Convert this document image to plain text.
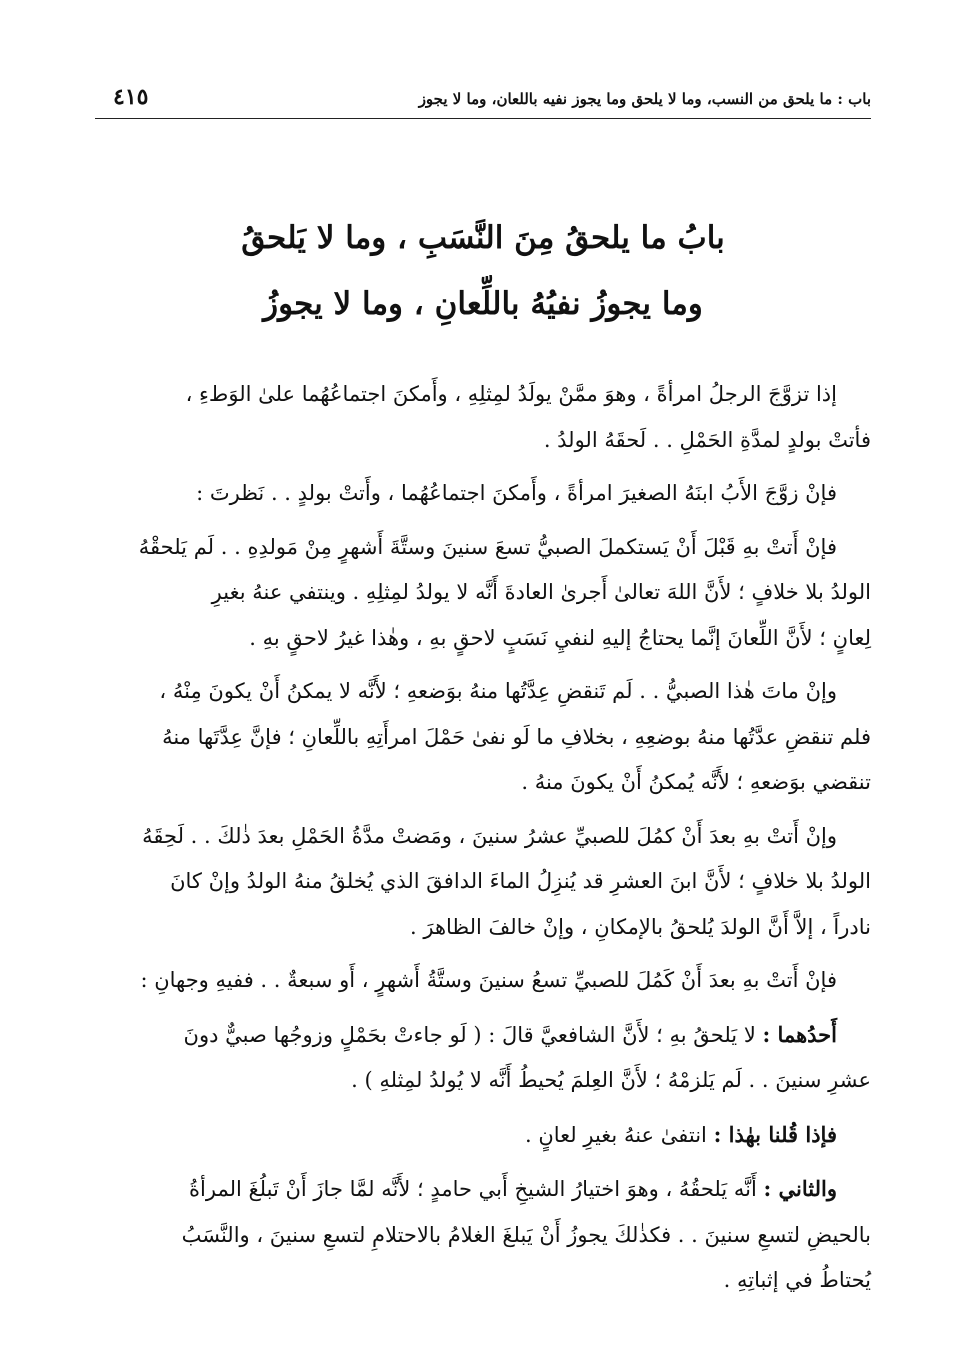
باب : ما يلحق من النسب، وما لا يلحق وما يجوز نفيه باللعان، وما لا يجوز
٤١٥
بابُ ما يلحقُ مِنَ النَّسَبِ ، وما لا يَلحقُ
وما يجوزُ نفيُهُ باللِّعانِ ، وما لا يجوزُ
إذا تزوَّجَ الرجلُ امرأةً ، وهوَ ممَّنْ يولَدُ لمِثلِهِ ، وأَمكنَ اجتماعُهُما علىٰ الوَطءِ ،
فأتتْ بولدٍ لمدَّةِ الحَمْلِ . . لَحقَهُ الولدُ .
فإنْ زوَّجَ الأَبُ ابنَهُ الصغيرَ امرأةً ، وأَمكنَ اجتماعُهُما ، وأَتتْ بولدٍ . . نَظرتَ :
فإنْ أَتتْ بهِ قَبْلَ أَنْ يَستكملَ الصبيُّ تسعَ سنينَ وستَّةَ أَشهرٍ مِنْ مَولدِهِ . . لَم يَلحقْهُ
الولدُ بلا خلافٍ ؛ لأَنَّ اللهَ تعالىٰ أَجرىٰ العادةَ أَنَّه لا يولدُ لمِثلِهِ . وينتفي عنهُ بغيرِ
لِعانٍ ؛ لأَنَّ اللِّعانَ إنَّما يحتاجُ إليهِ لنفيِ نَسَبٍ لاحقٍ بهِ ، وهٰذا غيرُ لاحقٍ بهِ .
وإنْ ماتَ هٰذا الصبيُّ . . لَم تَنقضِ عِدَّتُها منهُ بوَضعهِ ؛ لأَنَّه لا يمكنُ أَنْ يكونَ مِنْهُ ،
فلم تنقضِ عدَّتُها منهُ بوضعِهِ ، بخلافِ ما لَو نفىٰ حَمْلَ امرأَتِهِ باللِّعانِ ؛ فإنَّ عِدَّتَها منهُ
تنقضي بوَضعهِ ؛ لأَنَّه يُمكنُ أَنْ يكونَ منهُ .
وإنْ أَتتْ بهِ بعدَ أَنْ كمُلَ للصبيِّ عشرُ سنينَ ، ومَضتْ مدَّةُ الحَمْلِ بعدَ ذٰلكَ . . لَحِقَهُ
الولدُ بلا خلافٍ ؛ لأَنَّ ابنَ العشرِ قد يُنزِلُ الماءَ الدافقَ الذي يُخلقُ منهُ الولدُ وإنْ كانَ
نادراً ، إلاَّ أَنَّ الولدَ يُلحقُ بالإمكانِ ، وإنْ خالفَ الظاهرَ .
فإنْ أَتتْ بهِ بعدَ أَنْ كَمُلَ للصبيِّ تسعُ سنينَ وستَّةُ أَشهرٍ ، أَو سبعةٌ . . ففيهِ وجهانِ :
أَحدُهما : لا يَلحقُ بهِ ؛ لأَنَّ الشافعيَّ قالَ : ( لَو جاءتْ بحَمْلٍ وزوجُها صبيٌّ دونَ
عشرِ سنينَ . . لَم يَلزمْهُ ؛ لأَنَّ العِلمَ يُحيطُ أَنَّه لا يُولدُ لمِثلهِ ) .
فإذا قُلنا بهٰذا : انتفىٰ عنهُ بغيرِ لعانٍ .
والثاني : أَنَّه يَلحقُهُ ، وهوَ اختيارُ الشيخِ أَبي حامدٍ ؛ لأَنَّه لمَّا جازَ أَنْ تَبلُغَ المرأةُ
بالحيضِ لتسعِ سنينَ . . فكذٰلكَ يجوزُ أَنْ يَبلغَ الغلامُ بالاحتلامِ لتسعِ سنينَ ، والنَّسَبُ
يُحتاطُ في إثباتِهِ .
